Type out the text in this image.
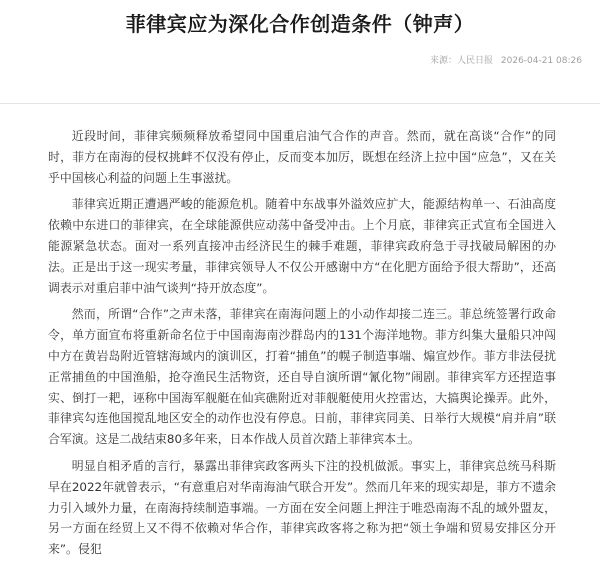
菲律宾应为深化合作创造条件（钟声）
来源：人民日报 2026-04-21 08:26

近段时间，菲律宾频频释放希望同中国重启油气合作的声音。然而，就在高谈“合作”的同时，菲方在南海的侵权挑衅不仅没有停止，反而变本加厉，既想在经济上拉中国“应急”，又在关乎中国核心利益的问题上生事滋扰。

菲律宾近期正遭遇严峻的能源危机。随着中东战事外溢效应扩大，能源结构单一、石油高度依赖中东进口的菲律宾，在全球能源供应动荡中备受冲击。上个月底，菲律宾正式宣布全国进入能源紧急状态。面对一系列直接冲击经济民生的棘手难题，菲律宾政府急于寻找破局解困的办法。正是出于这一现实考量，菲律宾领导人不仅公开感谢中方“在化肥方面给予很大帮助”，还高调表示对重启菲中油气谈判“持开放态度”。

然而，所谓“合作”之声未落，菲律宾在南海问题上的小动作却接二连三。菲总统签署行政命令，单方面宣布将重新命名位于中国南海南沙群岛内的131个海洋地物。菲方纠集大量船只冲闯中方在黄岩岛附近管辖海域内的演训区，打着“捕鱼”的幌子制造事端、煽宣炒作。菲方非法侵扰正常捕鱼的中国渔船，抢夺渔民生活物资，还自导自演所谓“氰化物”闹剧。菲律宾军方还捏造事实、倒打一耙，诬称中国海军舰艇在仙宾礁附近对菲舰艇使用火控雷达，大搞舆论操弄。此外，菲律宾勾连他国搅乱地区安全的动作也没有停息。日前，菲律宾同美、日举行大规模“肩并肩”联合军演。这是二战结束80多年来，日本作战人员首次踏上菲律宾本土。

明显自相矛盾的言行，暴露出菲律宾政客两头下注的投机做派。事实上，菲律宾总统马科斯早在2022年就曾表示，“有意重启对华南海油气联合开发”。然而几年来的现实却是，菲方不遗余力引入域外力量，在南海持续制造事端。一方面在安全问题上押注于唯恐南海不乱的域外盟友，另一方面在经贸上又不得不依赖对华合作，菲律宾政客将之称为把“领土争端和贸易安排区分开来”。侵犯
